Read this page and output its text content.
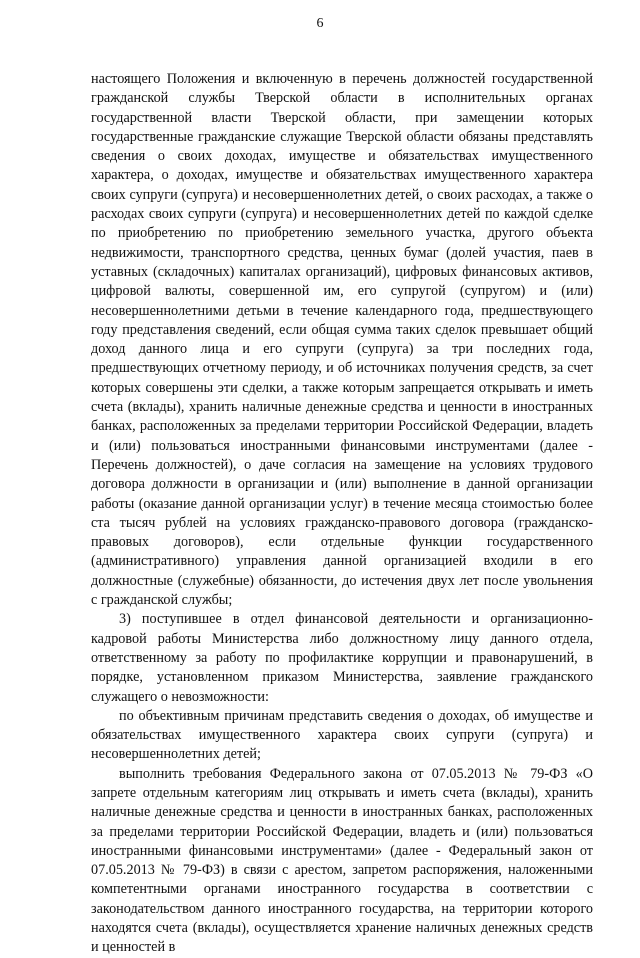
6

настоящего Положения и включенную в перечень должностей государственной гражданской службы Тверской области в исполнительных органах государственной власти Тверской области, при замещении которых государственные гражданские служащие Тверской области обязаны представлять сведения о своих доходах, имуществе и обязательствах имущественного характера, о доходах, имуществе и обязательствах имущественного характера своих супруги (супруга) и несовершеннолетних детей, о своих расходах, а также о расходах своих супруги (супруга) и несовершеннолетних детей по каждой сделке по приобретению по приобретению земельного участка, другого объекта недвижимости, транспортного средства, ценных бумаг (долей участия, паев в уставных (складочных) капиталах организаций), цифровых финансовых активов, цифровой валюты, совершенной им, его супругой (супругом) и (или) несовершеннолетними детьми в течение календарного года, предшествующего году представления сведений, если общая сумма таких сделок превышает общий доход данного лица и его супруги (супруга) за три последних года, предшествующих отчетному периоду, и об источниках получения средств, за счет которых совершены эти сделки, а также которым запрещается открывать и иметь счета (вклады), хранить наличные денежные средства и ценности в иностранных банках, расположенных за пределами территории Российской Федерации, владеть и (или) пользоваться иностранными финансовыми инструментами (далее - Перечень должностей), о даче согласия на замещение на условиях трудового договора должности в организации и (или) выполнение в данной организации работы (оказание данной организации услуг) в течение месяца стоимостью более ста тысяч рублей на условиях гражданско-правового договора (гражданско-правовых договоров), если отдельные функции государственного (административного) управления данной организацией входили в его должностные (служебные) обязанности, до истечения двух лет после увольнения с гражданской службы;

3) поступившее в отдел финансовой деятельности и организационно-кадровой работы Министерства либо должностному лицу данного отдела, ответственному за работу по профилактике коррупции и правонарушений, в порядке, установленном приказом Министерства, заявление гражданского служащего о невозможности:

по объективным причинам представить сведения о доходах, об имуществе и обязательствах имущественного характера своих супруги (супруга) и несовершеннолетних детей;

выполнить требования Федерального закона от 07.05.2013 № 79-ФЗ «О запрете отдельным категориям лиц открывать и иметь счета (вклады), хранить наличные денежные средства и ценности в иностранных банках, расположенных за пределами территории Российской Федерации, владеть и (или) пользоваться иностранными финансовыми инструментами» (далее - Федеральный закон от 07.05.2013 № 79-ФЗ) в связи с арестом, запретом распоряжения, наложенными компетентными органами иностранного государства в соответствии с законодательством данного иностранного государства, на территории которого находятся счета (вклады), осуществляется хранение наличных денежных средств и ценностей в
